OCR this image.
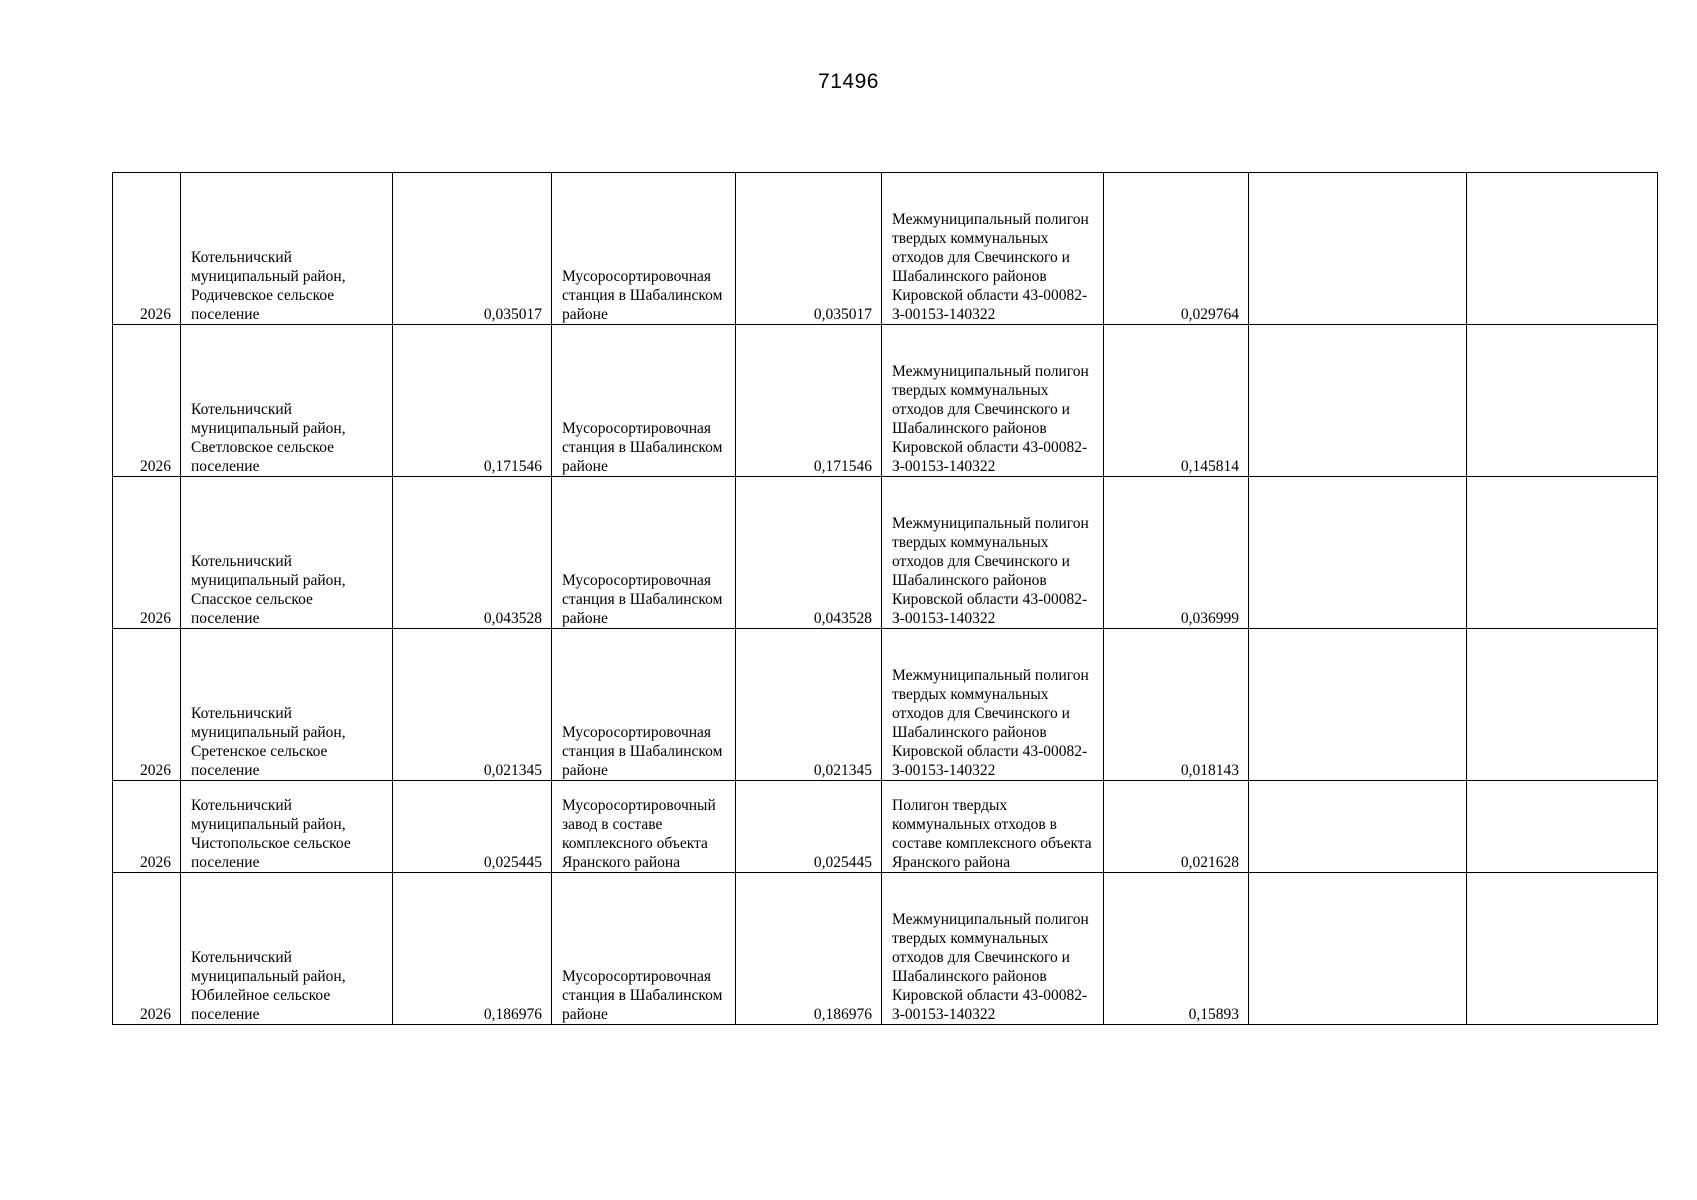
71496
2026	Котельничский муниципальный район, Родичевское сельское поселение	0,035017	Мусоросортировочная станция в Шабалинском районе	0,035017	Межмуниципальный полигон твердых коммунальных отходов для Свечинского и Шабалинского районов Кировской области 43-00082-З-00153-140322	0,029764		
2026	Котельничский муниципальный район, Светловское сельское поселение	0,171546	Мусоросортировочная станция в Шабалинском районе	0,171546	Межмуниципальный полигон твердых коммунальных отходов для Свечинского и Шабалинского районов Кировской области 43-00082-З-00153-140322	0,145814		
2026	Котельничский муниципальный район, Спасское сельское поселение	0,043528	Мусоросортировочная станция в Шабалинском районе	0,043528	Межмуниципальный полигон твердых коммунальных отходов для Свечинского и Шабалинского районов Кировской области 43-00082-З-00153-140322	0,036999		
2026	Котельничский муниципальный район, Сретенское сельское поселение	0,021345	Мусоросортировочная станция в Шабалинском районе	0,021345	Межмуниципальный полигон твердых коммунальных отходов для Свечинского и Шабалинского районов Кировской области 43-00082-З-00153-140322	0,018143		
2026	Котельничский муниципальный район, Чистопольское сельское поселение	0,025445	Мусоросортировочный завод в составе комплексного объекта Яранского района	0,025445	Полигон твердых коммунальных отходов в составе комплексного объекта Яранского района	0,021628		
2026	Котельничский муниципальный район, Юбилейное сельское поселение	0,186976	Мусоросортировочная станция в Шабалинском районе	0,186976	Межмуниципальный полигон твердых коммунальных отходов для Свечинского и Шабалинского районов Кировской области 43-00082-З-00153-140322	0,15893		
